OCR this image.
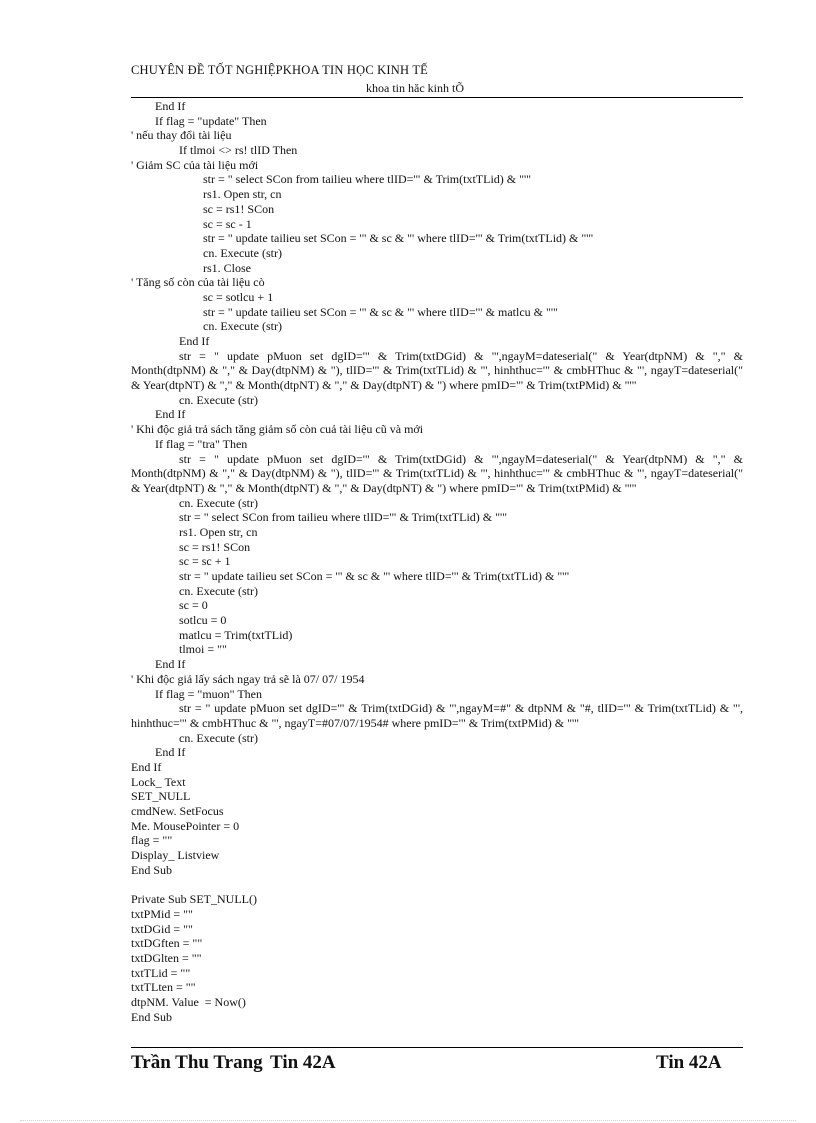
CHUYÊN ĐỀ TỐT NGHIỆPKHOA TIN HỌC KINH TẾ
khoa tin hăc kinh tÕ
End If
If flag = "update" Then
' nếu thay đổi tài liệu
If tlmoi <> rs! tlID Then
' Giảm SC của tài liệu mới
str = " select SCon from tailieu where tlID='" & Trim(txtTLid) & "'"
rs1. Open str, cn
sc = rs1! SCon
sc = sc - 1
str = " update tailieu set SCon = '" & sc & "' where tlID='" & Trim(txtTLid) & "'"
cn. Execute (str)
rs1. Close
' Tăng số còn của tài liệu cò
sc = sotlcu + 1
str = " update tailieu set SCon = '" & sc & "' where tlID='" & matlcu & "'"
cn. Execute (str)
End If
str = " update pMuon set dgID='" & Trim(txtDGid) & "',ngayM=dateserial(" & Year(dtpNM) & "," &
Month(dtpNM) & "," & Day(dtpNM) & "), tlID='" & Trim(txtTLid) & "', hinhthuc='" & cmbHThuc & "', ngayT=dateserial("
& Year(dtpNT) & "," & Month(dtpNT) & "," & Day(dtpNT) & ") where pmID='" & Trim(txtPMid) & "'"
cn. Execute (str)
End If
' Khi độc giả trả sách tăng giảm số còn cuả tài liệu cũ và mới
If flag = "tra" Then
str = " update pMuon set dgID='" & Trim(txtDGid) & "',ngayM=dateserial(" & Year(dtpNM) & "," &
Month(dtpNM) & "," & Day(dtpNM) & "), tlID='" & Trim(txtTLid) & "', hinhthuc='" & cmbHThuc & "', ngayT=dateserial("
& Year(dtpNT) & "," & Month(dtpNT) & "," & Day(dtpNT) & ") where pmID='" & Trim(txtPMid) & "'"
cn. Execute (str)
str = " select SCon from tailieu where tlID='" & Trim(txtTLid) & "'"
rs1. Open str, cn
sc = rs1! SCon
sc = sc + 1
str = " update tailieu set SCon = '" & sc & "' where tlID='" & Trim(txtTLid) & "'"
cn. Execute (str)
sc = 0
sotlcu = 0
matlcu = Trim(txtTLid)
tlmoi = ""
End If
' Khi độc giả lấy sách ngay trả sẽ là 07/ 07/ 1954
If flag = "muon" Then
str = " update pMuon set dgID='" & Trim(txtDGid) & "',ngayM=#" & dtpNM & "#, tlID='" & Trim(txtTLid) & "',
hinhthuc='" & cmbHThuc & "', ngayT=#07/07/1954# where pmID='" & Trim(txtPMid) & "'"
cn. Execute (str)
End If
End If
Lock_ Text
SET_NULL
cmdNew. SetFocus
Me. MousePointer = 0
flag = ""
Display_ Listview
End Sub
Private Sub SET_NULL()
txtPMid = ""
txtDGid = ""
txtDGften = ""
txtDGlten = ""
txtTLid = ""
txtTLten = ""
dtpNM. Value  = Now()
End Sub
Trần Thu Trang Tin 42A	Tin 42A
